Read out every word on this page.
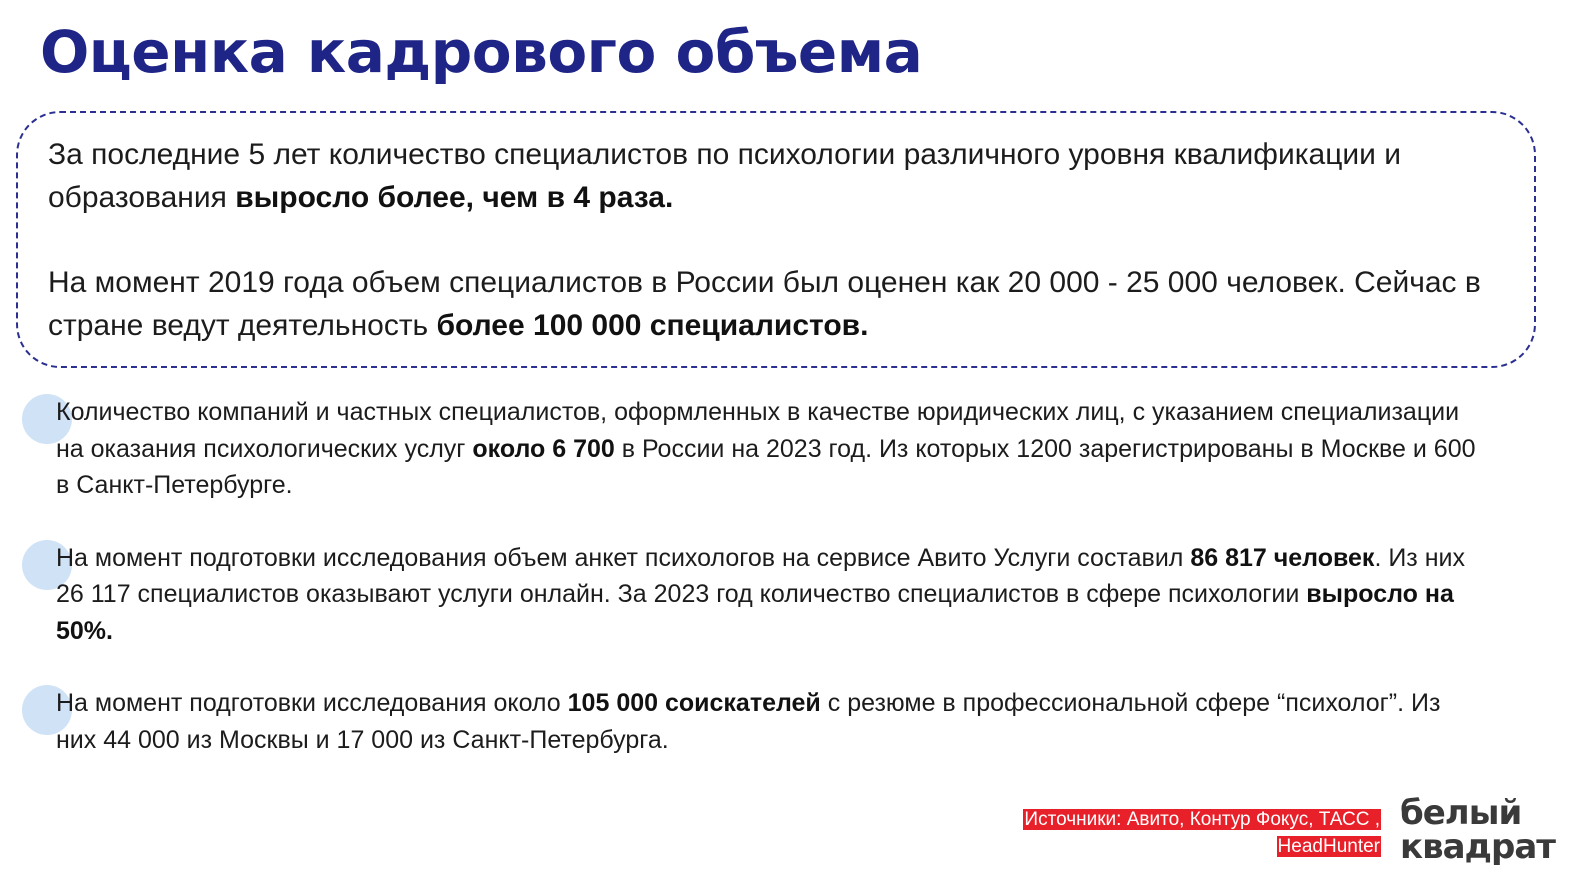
Оценка кадрового объема

За последние 5 лет количество специалистов по психологии различного уровня квалификации и образования выросло более, чем в 4 раза.

На момент 2019 года объем специалистов в России был оценен как 20 000 - 25 000 человек. Сейчас в стране ведут деятельность более 100 000 специалистов.

Количество компаний и частных специалистов, оформленных в качестве юридических лиц, с указанием специализации на оказания психологических услуг около 6 700 в России на 2023 год. Из которых 1200 зарегистрированы в Москве и 600 в Санкт-Петербурге.
На момент подготовки исследования объем анкет психологов на сервисе Авито Услуги составил 86 817 человек. Из них 26 117 специалистов оказывают услуги онлайн. За 2023 год количество специалистов в сфере психологии выросло на 50%.
На момент подготовки исследования около 105 000 соискателей с резюме в профессиональной сфере “психолог”. Из них 44 000 из Москвы и 17 000 из Санкт-Петербурга.
Источники: Авито, Контур Фокус, ТАСС ,
HeadHunter
белый
квадрат
